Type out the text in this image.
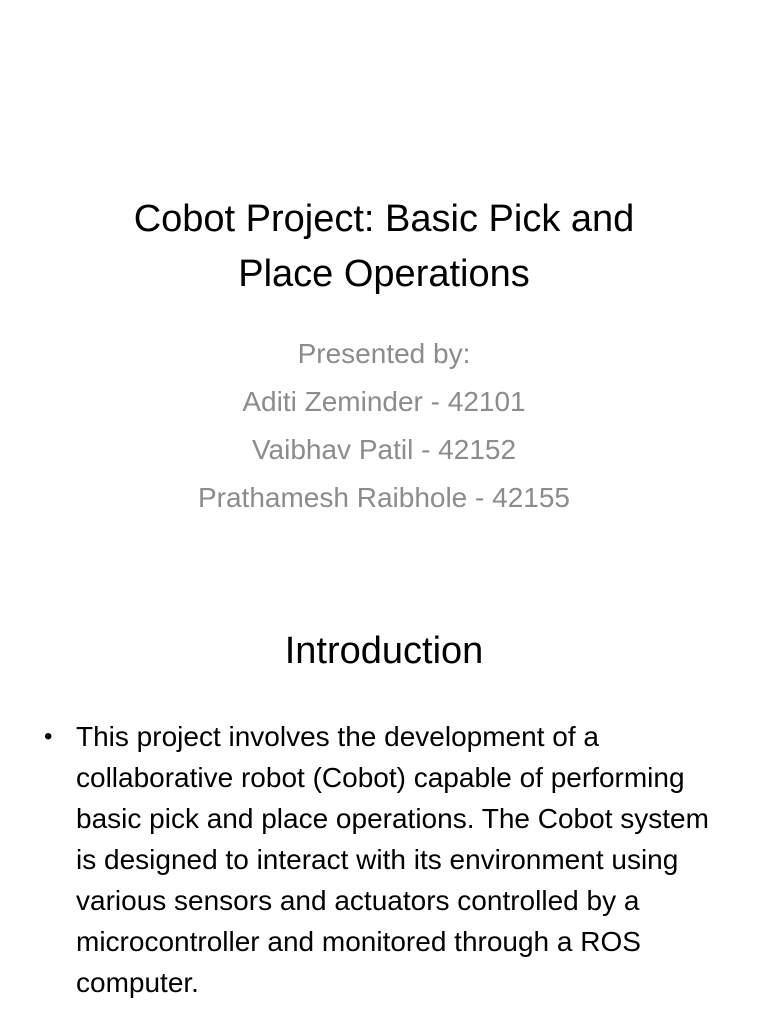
Cobot Project: Basic Pick and
Place Operations
Presented by:
Aditi Zeminder - 42101
Vaibhav Patil - 42152
Prathamesh Raibhole - 42155
Introduction
• This project involves the development of a collaborative robot (Cobot) capable of performing basic pick and place operations. The Cobot system is designed to interact with its environment using various sensors and actuators controlled by a microcontroller and monitored through a ROS computer.
